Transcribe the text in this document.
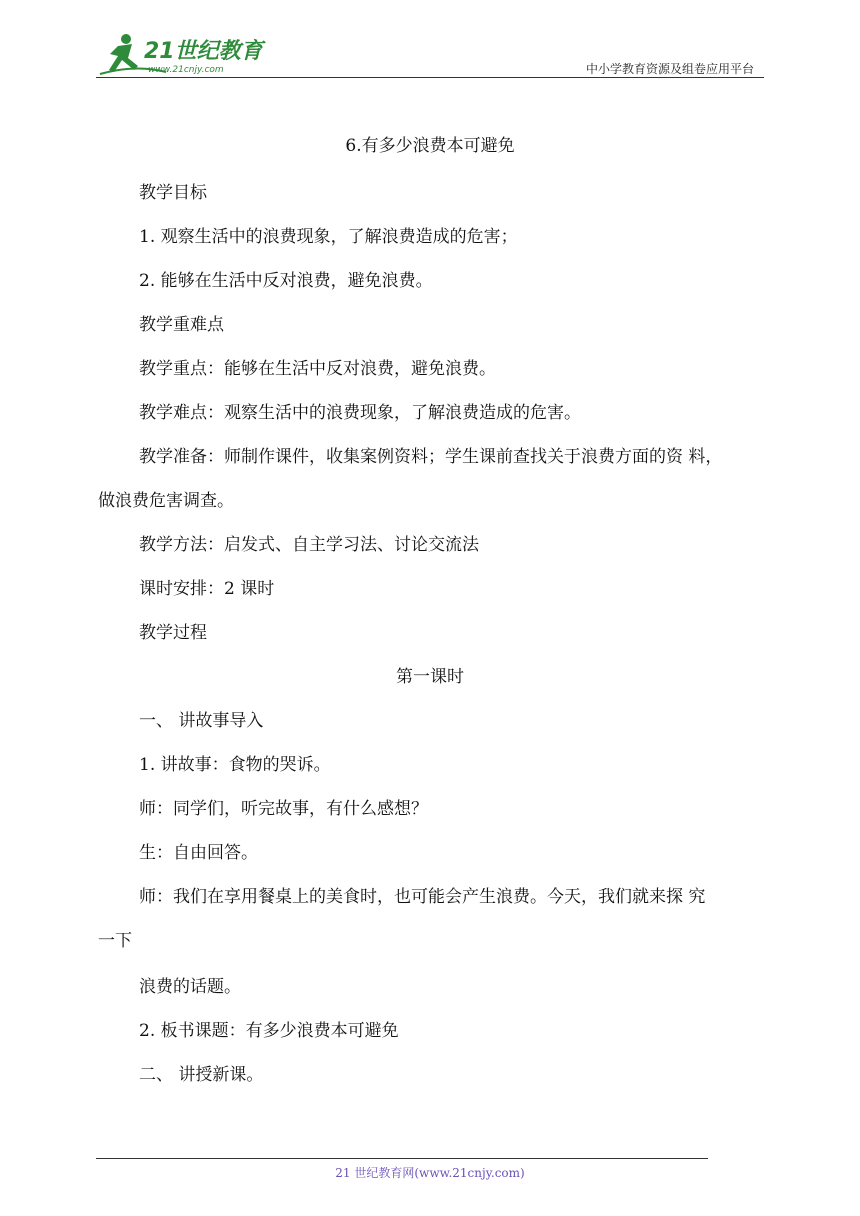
21世纪教育
www.21cnjy.com	中小学教育资源及组卷应用平台
6.有多少浪费本可避免
教学目标
1. 观察生活中的浪费现象，了解浪费造成的危害；
2. 能够在生活中反对浪费，避免浪费。
教学重难点
教学重点：能够在生活中反对浪费，避免浪费。
教学难点：观察生活中的浪费现象，了解浪费造成的危害。
教学准备：师制作课件，收集案例资料；学生课前查找关于浪费方面的资 料，
做浪费危害调查。
教学方法：启发式、自主学习法、讨论交流法
课时安排：2 课时
教学过程
第一课时
一、 讲故事导入
1. 讲故事：食物的哭诉。
师：同学们，听完故事，有什么感想？
生：自由回答。
师：我们在享用餐桌上的美食时，也可能会产生浪费。今天，我们就来探 究
一下
浪费的话题。
2. 板书课题：有多少浪费本可避免
二、 讲授新课。
21 世纪教育网(www.21cnjy.com)
